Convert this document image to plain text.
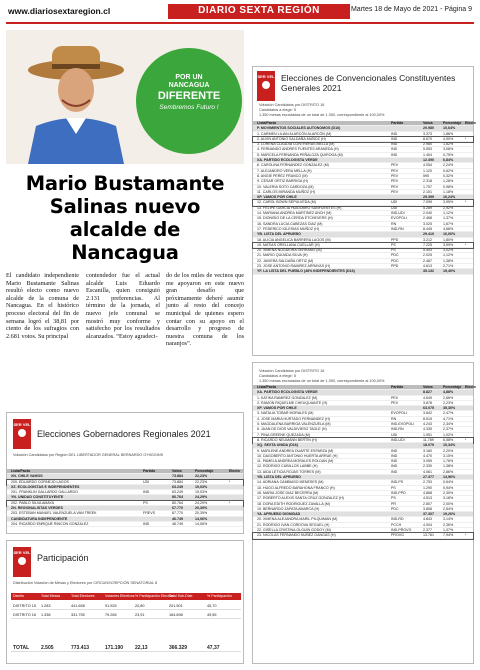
www.diariosextaregion.cl	DIARIO SEXTA REGIÓN	Martes 18 de Mayo de 2021 - Página 9
POR UN
NANCAGUA
DIFERENTE
Sembremos Futuro !
Mario Bustamante
Salinas nuevo
alcalde de
Nancagua
El candidato independiente Mario Bustamante Salinas resultó electo como nuevo alcalde de la comuna de Nancagua. En el histórico proceso electoral del fin de semana logró el 38,81 por ciento de los sufragios con 2.681 votos. Su principal
contendedor fue el actual alcalde Luis Eduardo Escanilla, quien consiguió 2.131 preferencias. Al término de la jornada, el nuevo jefe comunal se mostró muy conforme y satisfecho por los resultados alcanzados. “Estoy agradeci-
do de los miles de vecinos que me apoyaron en este nuevo gran desafío que próximamente deberé asumir junto al resto del concejo municipal de quienes espero contar con su apoyo en el desarrollo y progreso de nuestra comuna de los naranjos”.
SER VEL Elecciones de Convencionales Constituyentes
Generales 2021
Votación Candidatos por DISTRITO 16
Candidatos a elegir: 5
1.350 mesas escrutadas de un total de 1.350, correspondiente al 100,00%
Lista/Pacto	Partido	Votos	Porcentaje Electo
P. MOVIMIENTOS SOCIALES AUTONOMOS (D16)	20.980	10,64%
1. CARMEN LILIAN ALARCÓN ALARCÓN (M)	IND	3.373	1,86%
2. ALVIN ANTONIO SALDAÑA MUÑOZ (H)	IND	8.670	4,90%	*
3. LORENA CLAUDIA CONTRERAS MELLA (M)	IND	2.980	1,62%
4. FERNANDO ANDRES FUENTES ARANEDA (H)	IND	5.553	3,08%
5. MARCELA FERNANDA PEÑALOZA QUIROGA (M)	IND	1.404	0,75%
XA. PARTIDO ECOLOGISTA VERDE	12.390	6,84%
6. CAROLINA FERNANDEZ GONZALEZ (M)	PEV	4.054	2,24%
7. ALEJANDRO VERA MELLA (H)	PEV	1.120	0,62%
8. ANGIE PEREZ FRANCO (M)	PEV	595	0,32%
9. CESAR ORTIZ BARRIGA (H)	PEV	2.318	1,28%
10. VALERIA SOTO CARDOZA (M)	PEV	1.757	0,98%
11. CARLOS MIRANDA MUÑOZ (H)	PEV	2.151	1,18%
XP. VAMOS POR CHILE	29.399	16,24%
12. CAROL BOWN SEPULVEDA (M)	UDI	7.099	3,95%	*
13. FELIPE GARCIA HUIDOBRO SANFUENTES (H)	UDI	5.289	2,92%
14. MARIANA ANDREA MARTINEZ ANCH (M)	IND-UDI	2.040	1,12%
15. DIONISIO DE LA CERDA ETCHEVERS (H)	EVOPOLI	2.468	1,37%
16. SANDRA LUCIA CABEZAS DIAZ (M)	RN	3.025	1,67%
17. FEDERICO IGLESIAS MUÑOZ (H)	IND-RN	8.445	4,66%
YB. LISTA DEL APRUEBO	29.410	16,00%
18. ALICIA ANGELICA BARRERA LAGOS (M)	PPD	3.212	1,80%
19. MATIAS ORELLANA CUELLAR (H)	PS	7.225	3,99%	*
20. XIMENA NOGUEIRA SERRANO (M)	PS	5.493	3,02%
21. MARIO QUIJADA SILVA (H)	PDC	2.025	1,12%
22. JAVIERA SALDAÑA ORTIZ (M)	PDC	2.487	1,38%
23. JOSE ANTONIO RAMIREZ ARRAYAS (H)	PPD	4.613	2,71%
YF. LA LISTA DEL PUEBLO (48% INDEPENDIENTES (D16)	35.132	19,40%
Votación Candidatos por DISTRITO 16
Candidatos a elegir: 5
1.350 mesas escrutadas de un total de 1.350, correspondiente al 100,00%
Lista/Pacto	Partido	Votos	Porcentaje Electo
XA. PARTIDO ECOLOGISTA VERDE	8.827	4,88%
1. KATIKA RAMIREZ GONZALEZ (M)	PEV	4.649	2,66%
2. RAMON RIQUELME CHEUQUIANTE (H)	PEV	3.878	2,23%
XP. VAMOS POR CHILE	63.075	35,30%
3. NATALIA TOBAR MORALES (M)	EVOPOLI	3.842	2,47%
4. JOSE MARIA HURTADO FERNANDEZ (H)	RN	8.515	4,71%
5. MAGDALENA BARRIGA VALENZUELA (M)	IND-EVOPOLI 4.243	2,34%
6. JUAN DE DIOS VALDIVIESO TAGLE (H)	IND-RN	4.339	2,37%
7. PINA GREENE QUEZADA (M)	UDI	1.951	1,02%
8. RICARDO NEUMANN BERTIN (H)	IND-UDI	11.789	6,58%	*
XQ. SEXTA UNIDA (D16)	18.079	10,34%
9. MARLENE ANDREA DUARTE ESPARZA (M)	IND	3.160	2,20%
10. DAGOBERTO ANTONIO HUERTA ARRUE (H)	IND	4.470	3,15%
11. PAMELA ANDREA MORALES ROLDAN (M)	IND	3.059	1,76%
12. RODRIGO CUBILLOS LABBE (H)	IND	2.330	1,38%
13. AIDA LETICIA ROJAS TORRES (M)	IND	4.061	2,86%
YB. LISTA DEL APRUEBO	27.377	14,96%
14. ADRIANA CAMBIASO MENESES (M)	IND-PS	2.753	0,64%
15. HUGO ALFREDO BARAHONA FRANCO (H)	PS	1.290	0,94%
16. MARIA JOSE DIAZ BECERRA (M)	IND-PPD	4.868	2,30%
17. ROBERTO ALEXIS SANTA CRUZ GONZALEZ (H)	PS	4.513	3,18%
18. DORA EDITH RODRIGUEZ ZAVALLA (M)	PR	2.807	2,00%
19. BERNARDO ZAPATA AMARCA (H)	PDC	3.808	2,54%
YA. APRUEBO DIGNIDAD	37.307	19,26%
20. XIMENA ALEJANDRA MARIL PILQUIMAN (M)	IND-RD	4.843	3,14%
21. RODRIGO IVAN CORDOVA SEGUEL (H)	PCCH	4.004	2,36%
22. GISELLA CRISTINA OLGUIN GODOY (M)	IND-PROVG	2.377	1,37%
23. NICOLAS FERNANDO NUÑEZ GANGAS (H)	PROVG	13.761	7,94%	*
SER VEL
Elecciones Gobernadores Regionales 2021
Votación Candidatos por Región DEL LIBERTADOR GENERAL BERNARDO O'HIGGINS
Lista/Pacto	Partido	Votos	Porcentaje	Electo
XN. CHILE VAMOS	73.884	22,23%
200. EDUARDO CORNEJO LAGOS	UDI	73.884	22,23%	*
XZ. ECOLOGISTAS E INDEPENDIENTES	63.249	19,03%
201. FRANKLIN GALLARDO GALLARDO	IND	63.249	19,03%
YN. UNIDAD CONSTITUYENTE	80.764	24,29%
202. PABLO SILVA AMAYA	PS	80.764	24,29%	*
ZN. REGIONALISTAS VERDES	67.770	20,39%
203. ESTEBAN MANUEL VALENZUELA VAN TREEK	FREVS	67.770	20,39%
CANDIDATURA INDEPENDIENTE	46.749	14,06%
204. RICARDO ENRIQUE RINCON GONZALEZ	IND	46.749	14,06%
SER VEL
Participación
Distribución Votación de Mesas y Electores por CIRCUNSCRIPCIÓN SENATORIAL 8
Distrito	Total Mesas	Total Electores	Votantes Efectivos % Participación Efectiva
Total Sub-Distr.	% Participación
DISTRITO 15 1.283	441.658	91.925	20,80	201.501	45,70
DISTRITO 16 1.338	331.755	79.265	23,91	164.698	49,55
TOTAL 2.505	773.413	171.190 22,13	366.329	47,37
